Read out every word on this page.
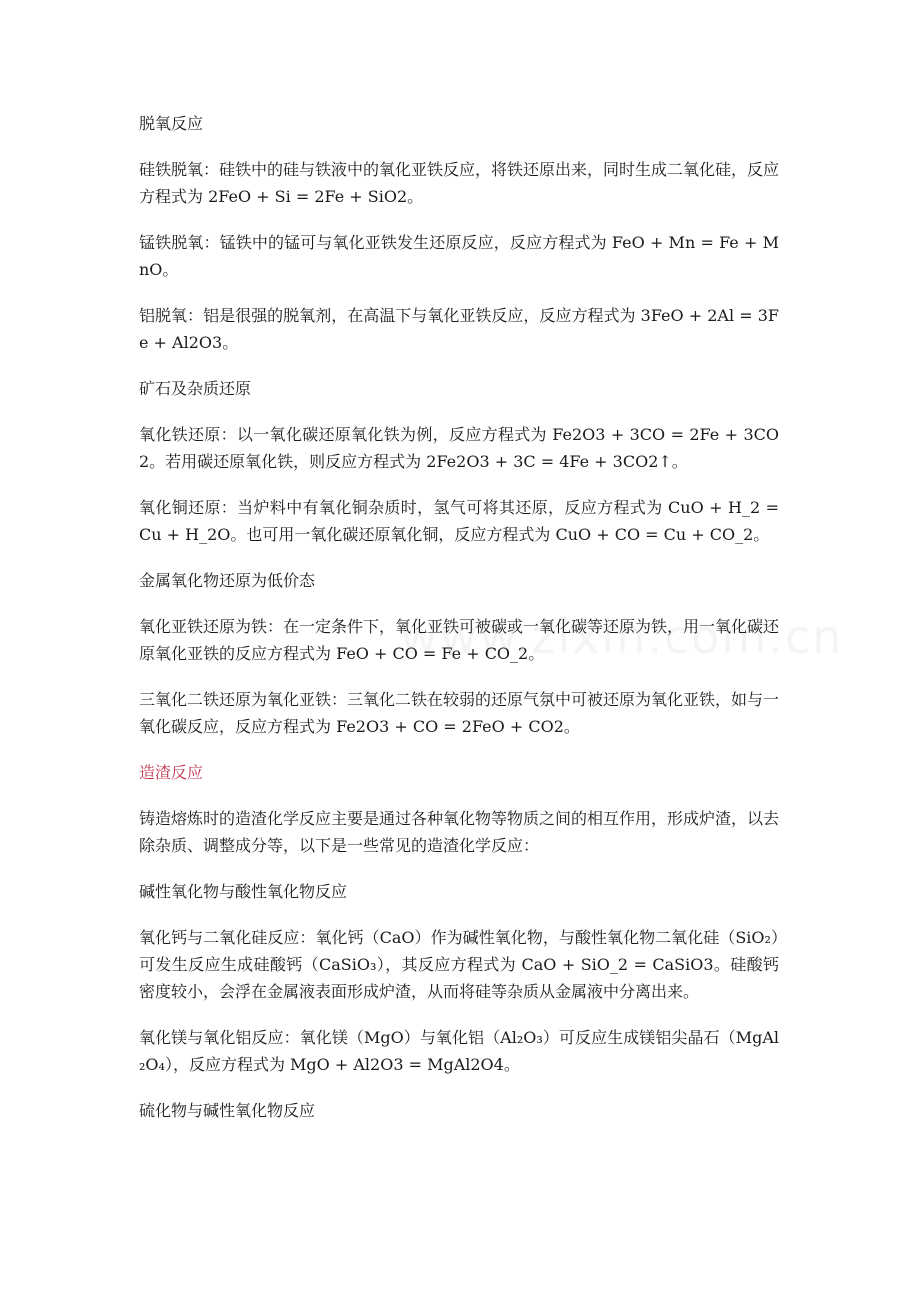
脱氧反应

硅铁脱氧：硅铁中的硅与铁液中的氧化亚铁反应，将铁还原出来，同时生成二氧化硅，反应方程式为 2FeO + Si = 2Fe + SiO2。

锰铁脱氧：锰铁中的锰可与氧化亚铁发生还原反应，反应方程式为 FeO + Mn = Fe + MnO。

铝脱氧：铝是很强的脱氧剂，在高温下与氧化亚铁反应，反应方程式为 3FeO + 2Al = 3Fe + Al2O3。

矿石及杂质还原

氧化铁还原：以一氧化碳还原氧化铁为例，反应方程式为 Fe2O3 + 3CO = 2Fe + 3CO2。若用碳还原氧化铁，则反应方程式为 2Fe2O3 + 3C = 4Fe + 3CO2↑。

氧化铜还原：当炉料中有氧化铜杂质时，氢气可将其还原，反应方程式为 CuO + H_2 = Cu + H_2O。也可用一氧化碳还原氧化铜，反应方程式为 CuO + CO = Cu + CO_2。

金属氧化物还原为低价态

氧化亚铁还原为铁：在一定条件下，氧化亚铁可被碳或一氧化碳等还原为铁，用一氧化碳还原氧化亚铁的反应方程式为 FeO + CO = Fe + CO_2。

三氧化二铁还原为氧化亚铁：三氧化二铁在较弱的还原气氛中可被还原为氧化亚铁，如与一氧化碳反应，反应方程式为 Fe2O3 + CO = 2FeO + CO2。

造渣反应

铸造熔炼时的造渣化学反应主要是通过各种氧化物等物质之间的相互作用，形成炉渣，以去除杂质、调整成分等，以下是一些常见的造渣化学反应：

碱性氧化物与酸性氧化物反应

氧化钙与二氧化硅反应：氧化钙（CaO）作为碱性氧化物，与酸性氧化物二氧化硅（SiO₂）可发生反应生成硅酸钙（CaSiO₃），其反应方程式为 CaO + SiO_2 = CaSiO3。硅酸钙密度较小，会浮在金属液表面形成炉渣，从而将硅等杂质从金属液中分离出来。

氧化镁与氧化铝反应：氧化镁（MgO）与氧化铝（Al₂O₃）可反应生成镁铝尖晶石（MgAl₂O₄），反应方程式为 MgO + Al2O3 = MgAl2O4。

硫化物与碱性氧化物反应
